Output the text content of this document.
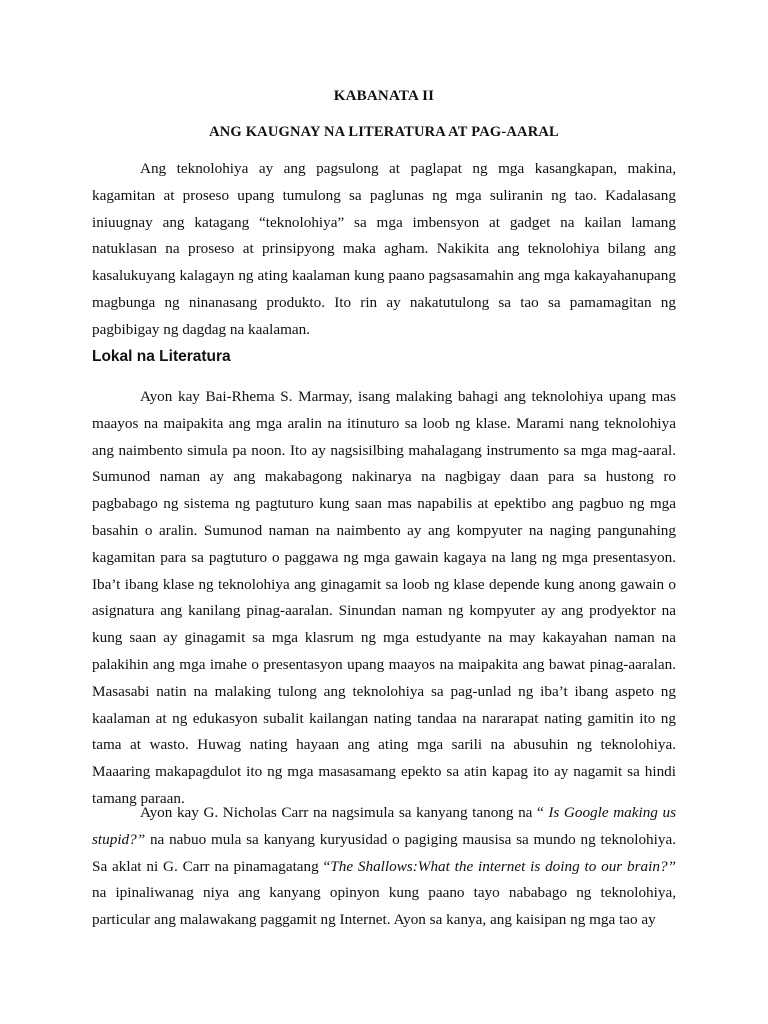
KABANATA II
ANG KAUGNAY NA LITERATURA AT PAG-AARAL

Ang teknolohiya ay ang pagsulong at paglapat ng mga kasangkapan, makina, kagamitan at proseso upang tumulong sa paglunas ng mga suliranin ng tao. Kadalasang iniuugnay ang katagang “teknolohiya” sa mga imbensyon at gadget na kailan lamang natuklasan na proseso at prinsipyong maka agham. Nakikita ang teknolohiya bilang ang kasalukuyang kalagayn ng ating kaalaman kung paano pagsasamahin ang mga kakayahanupang magbunga ng ninanasang produkto. Ito rin ay nakatutulong sa tao sa pamamagitan ng pagbibigay ng dagdag na kaalaman.

Lokal na Literatura

Ayon kay Bai-Rhema S. Marmay, isang malaking bahagi ang teknolohiya upang mas maayos na maipakita ang mga aralin na itinuturo sa loob ng klase. Marami nang teknolohiya ang naimbento simula pa noon. Ito ay nagsisilbing mahalagang instrumento sa mga mag-aaral. Sumunod naman ay ang makabagong nakinarya na nagbigay daan para sa hustong ro pagbabago ng sistema ng pagtuturo kung saan mas napabilis at epektibo ang pagbuo ng mga basahin o aralin. Sumunod naman na naimbento ay ang kompyuter na naging pangunahing kagamitan para sa pagtuturo o paggawa ng mga gawain kagaya na lang ng mga presentasyon. Iba’t ibang klase ng teknolohiya ang ginagamit sa loob ng klase depende kung anong gawain o asignatura ang kanilang pinag-aaralan. Sinundan naman ng kompyuter ay ang prodyektor na kung saan ay ginagamit sa mga klasrum ng mga estudyante na may kakayahan naman na palakihin ang mga imahe o presentasyon upang maayos na maipakita ang bawat pinag-aaralan. Masasabi natin na malaking tulong ang teknolohiya sa pag-unlad ng iba’t ibang aspeto ng kaalaman at ng edukasyon subalit kailangan nating tandaa na nararapat nating gamitin ito ng tama at wasto. Huwag nating hayaan ang ating mga sarili na abusuhin ng teknolohiya. Maaaring makapagdulot ito ng mga masasamang epekto sa atin kapag ito ay nagamit sa hindi tamang paraan.

Ayon kay G. Nicholas Carr na nagsimula sa kanyang tanong na “ Is Google making us stupid?” na nabuo mula sa kanyang kuryusidad o pagiging mausisa sa mundo ng teknolohiya. Sa aklat ni G. Carr na pinamagatang “The Shallows:What the internet is doing to our brain?” na ipinaliwanag niya ang kanyang opinyon kung paano tayo nababago ng teknolohiya, particular ang malawakang paggamit ng Internet. Ayon sa kanya, ang kaisipan ng mga tao ay
